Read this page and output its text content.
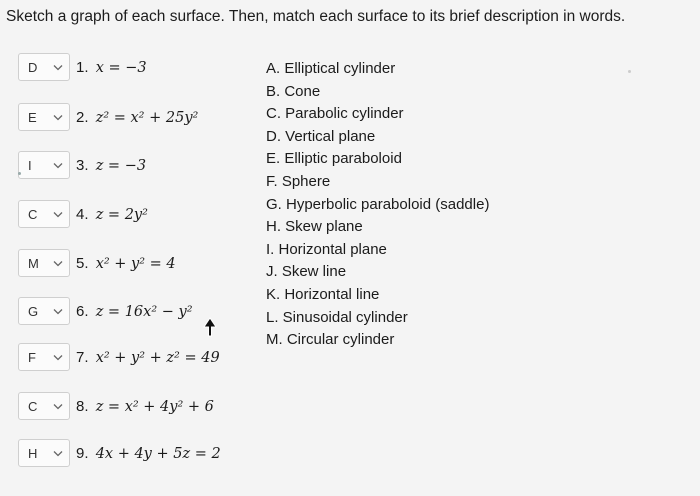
Sketch a graph of each surface. Then, match each surface to its brief description in words.
D	1. x = −3
E	2. z² = x² + 25y²
I	3. z = −3
C	4. z = 2y²
M 5. x² + y² = 4
G	6. z = 16x² − y²
F	7. x² + y² + z² = 49
C	8. z = x² + 4y² + 6
H	9. 4x + 4y + 5z = 2
A. Elliptical cylinder
B. Cone
C. Parabolic cylinder
D. Vertical plane
E. Elliptic paraboloid
F. Sphere
G. Hyperbolic paraboloid (saddle)
H. Skew plane
I. Horizontal plane
J. Skew line
K. Horizontal line
L. Sinusoidal cylinder
M. Circular cylinder
